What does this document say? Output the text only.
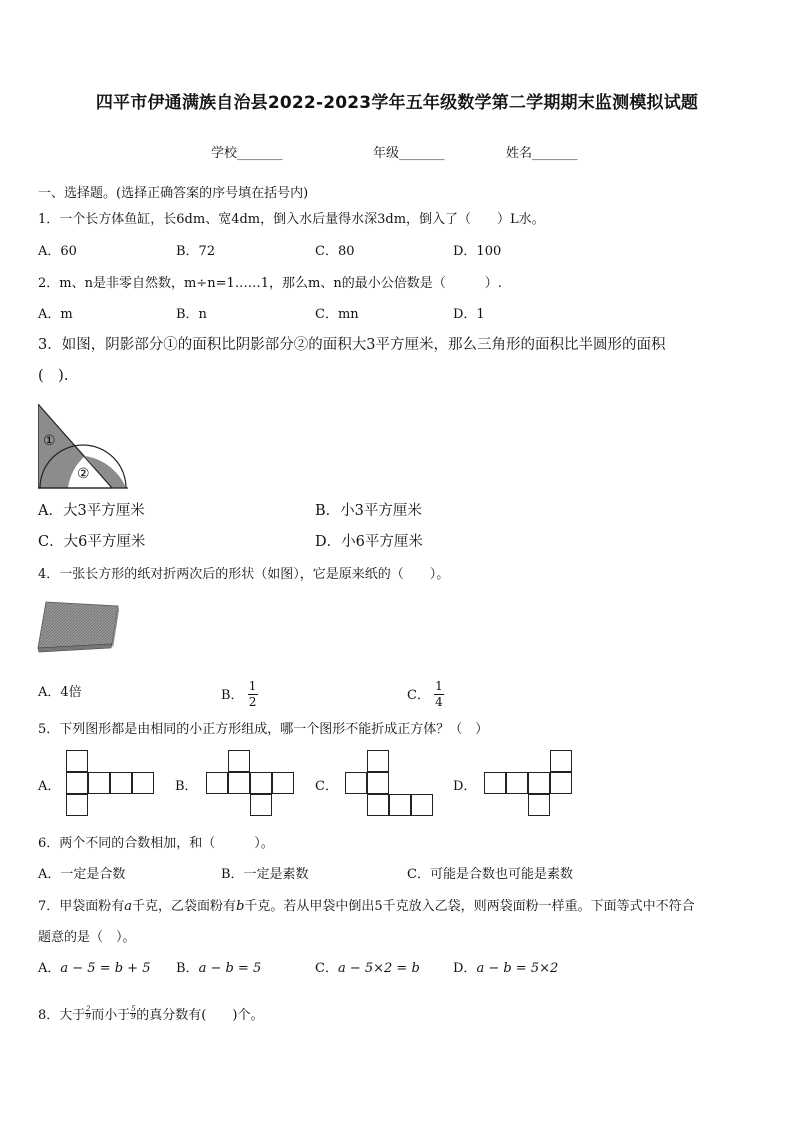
四平市伊通满族自治县2022-2023学年五年级数学第二学期期末监测模拟试题
学校_______	年级_______	姓名_______
一、选择题。(选择正确答案的序号填在括号内)
1．一个长方体鱼缸，长6dm、宽4dm，倒入水后量得水深3dm，倒入了（　　）L水。
A．60	B．72	C．80	D．100
2．m、n是非零自然数，m÷n=1……1，那么m、n的最小公倍数是（　　　）.
A．m	B．n	C．mn	D．1
3．如图，阴影部分①的面积比阴影部分②的面积大3平方厘米，那么三角形的面积比半圆形的面积
(　).
①
②
A．大3平方厘米	B．小3平方厘米
C．大6平方厘米	D．小6平方厘米
4．一张长方形的纸对折两次后的形状（如图），它是原来纸的（　　）。
A．4倍	B． $\frac{1}{2}$	C． $\frac{1}{4}$
5．下列图形都是由相同的小正方形组成，哪一个图形不能折成正方体？（　）
A．	B．	C．	D．
6．两个不同的合数相加，和（　　　）。
A．一定是合数	B．一定是素数	C．可能是合数也可能是素数
7．甲袋面粉有a千克，乙袋面粉有b千克。若从甲袋中倒出5千克放入乙袋，则两袋面粉一样重。下面等式中不符合
题意的是（　）。
A．a − 5 = b + 5 B．a − b = 5	C．a − 5×2 = b	D．a − b = 5×2
8．大于 $\frac{2}{9}$ 而小于 $\frac{5}{9}$ 的真分数有(　　)个。
